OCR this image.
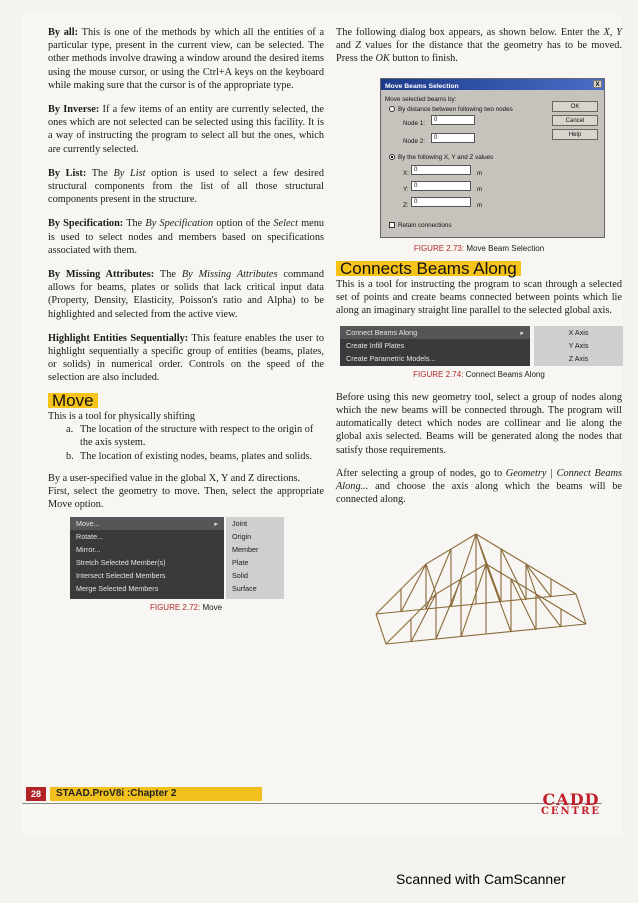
By all: This is one of the methods by which all the entities of a particular type, present in the current view, can be selected. The other methods involve drawing a window around the desired items using the mouse cursor, or using the Ctrl+A keys on the keyboard while making sure that the cursor is of the appropriate type.

By Inverse: If a few items of an entity are currently selected, the ones which are not selected can be selected using this facility. It is a way of instructing the program to select all but the ones, which are currently selected.

By List: The By List option is used to select a few desired structural components from the list of all those structural components present in the structure.

By Specification: The By Specification option of the Select menu is used to select nodes and members based on specifications associated with them.

By Missing Attributes: The By Missing Attributes command allows for beams, plates or solids that lack critical input data (Property, Density, Elasticity, Poisson's ratio and Alpha) to be highlighted and selected from the active view.

Highlight Entities Sequentially: This feature enables the user to highlight sequentially a specific group of entities (beams, plates, or solids) in numerical order. Controls on the speed of the selection are also included.

Move
This is a tool for physically shifting
a. The location of the structure with respect to the origin of the axis system.
b. The location of existing nodes, beams, plates and solids.

By a user-specified value in the global X, Y and Z directions.

First, select the geometry to move. Then, select the appropriate Move option.

Move...	▸
Rotate...
Mirror...
Stretch Selected Member(s)
Intersect Selected Members
Merge Selected Members
Joint
Origin
Member
Plate
Solid
Surface
FIGURE 2.72: Move

The following dialog box appears, as shown below. Enter the X, Y and Z values for the distance that the geometry has to be moved. Press the OK button to finish.

Move Beams Selection	X
Move selected beams by:
By distance between following two nodes
Node 1:	0
Node 2:	0
By the following X, Y and Z values
X: 0	m
Y: 0	m
Z: 0	m
Retain connections
OK
Cancel
Help
FIGURE 2.73: Move Beam Selection
Connects Beams Along

This is a tool for instructing the program to scan through a selected set of points and create beams connected between points which lie along an imaginary straight line parallel to the selected global axis.

Connect Beams Along	▸
Create Infill Plates
Create Parametric Models...
X Axis
Y Axis
Z Axis
FIGURE 2.74: Connect Beams Along

Before using this new geometry tool, select a group of nodes along which the new beams will be connected through. The program will automatically detect which nodes are collinear and lie along the global axis selected. Beams will be generated along the nodes that satisfy those requirements.

After selecting a group of nodes, go to Geometry | Connect Beams Along... and choose the axis along which the beams will be connected along.

28	STAAD.ProV8i :Chapter 2	CADD
CENTRE
Scanned with CamScanner
